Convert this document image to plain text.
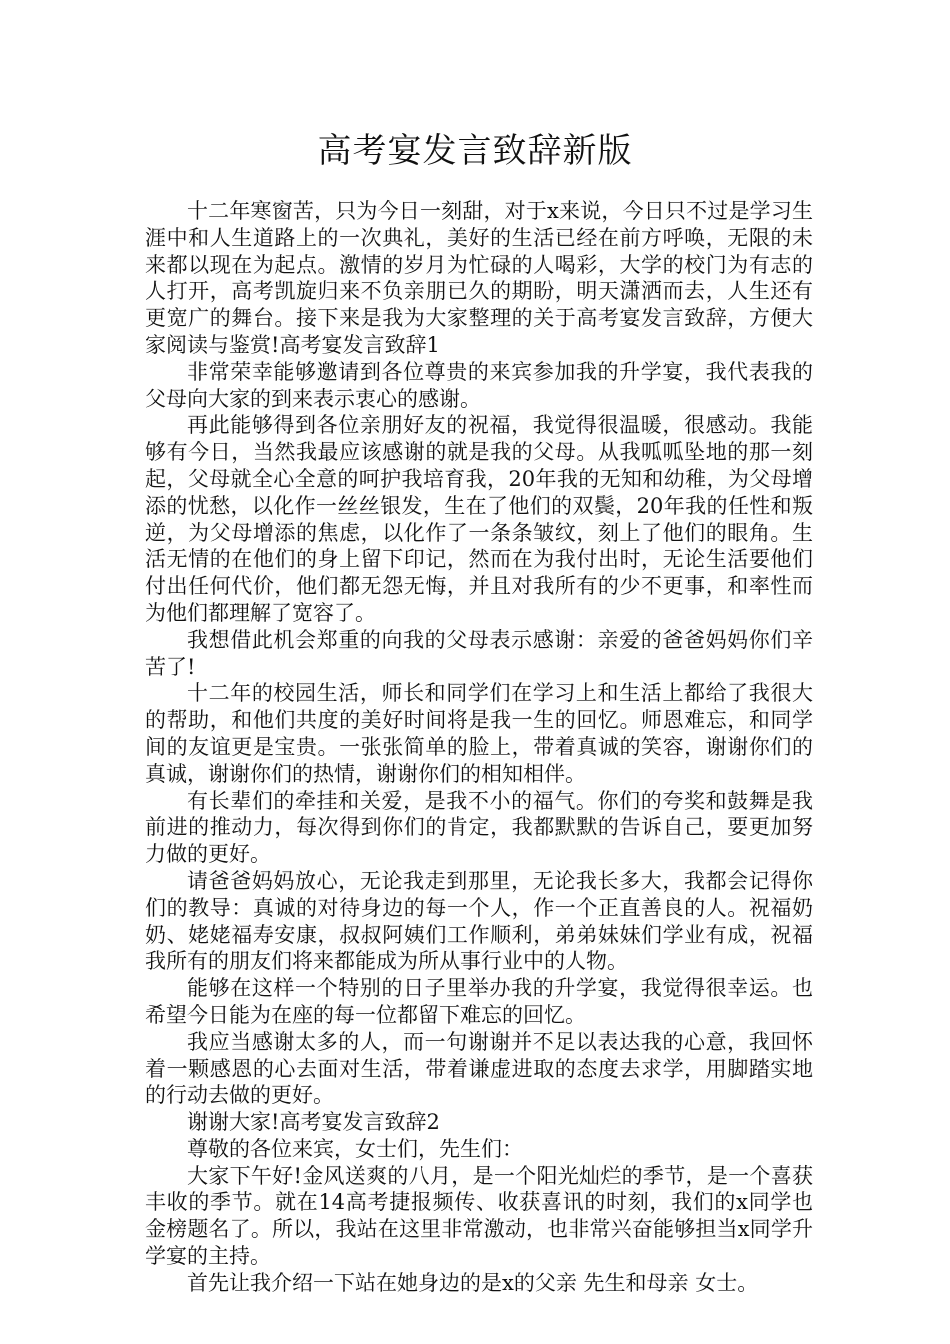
高考宴发言致辞新版

十二年寒窗苦，只为今日一刻甜，对于x来说，今日只不过是学习生涯中和人生道路上的一次典礼，美好的生活已经在前方呼唤，无限的未来都以现在为起点。激情的岁月为忙碌的人喝彩，大学的校门为有志的人打开，高考凯旋归来不负亲朋已久的期盼，明天潇洒而去，人生还有更宽广的舞台。接下来是我为大家整理的关于高考宴发言致辞，方便大家阅读与鉴赏!高考宴发言致辞1

非常荣幸能够邀请到各位尊贵的来宾参加我的升学宴，我代表我的父母向大家的到来表示衷心的感谢。

再此能够得到各位亲朋好友的祝福，我觉得很温暖，很感动。我能够有今日，当然我最应该感谢的就是我的父母。从我呱呱坠地的那一刻起，父母就全心全意的呵护我培育我，20年我的无知和幼稚，为父母增添的忧愁，以化作一丝丝银发，生在了他们的双鬓，20年我的任性和叛逆，为父母增添的焦虑，以化作了一条条皱纹，刻上了他们的眼角。生活无情的在他们的身上留下印记，然而在为我付出时，无论生活要他们付出任何代价，他们都无怨无悔，并且对我所有的少不更事，和率性而为他们都理解了宽容了。

我想借此机会郑重的向我的父母表示感谢：亲爱的爸爸妈妈你们辛苦了!

十二年的校园生活，师长和同学们在学习上和生活上都给了我很大的帮助，和他们共度的美好时间将是我一生的回忆。师恩难忘，和同学间的友谊更是宝贵。一张张简单的脸上，带着真诚的笑容，谢谢你们的真诚，谢谢你们的热情，谢谢你们的相知相伴。

有长辈们的牵挂和关爱，是我不小的福气。你们的夸奖和鼓舞是我前进的推动力，每次得到你们的肯定，我都默默的告诉自己，要更加努力做的更好。

请爸爸妈妈放心，无论我走到那里，无论我长多大，我都会记得你们的教导：真诚的对待身边的每一个人，作一个正直善良的人。祝福奶奶、姥姥福寿安康，叔叔阿姨们工作顺利，弟弟妹妹们学业有成，祝福我所有的朋友们将来都能成为所从事行业中的人物。

能够在这样一个特别的日子里举办我的升学宴，我觉得很幸运。也希望今日能为在座的每一位都留下难忘的回忆。

我应当感谢太多的人，而一句谢谢并不足以表达我的心意，我回怀着一颗感恩的心去面对生活，带着谦虚进取的态度去求学，用脚踏实地的行动去做的更好。

谢谢大家!高考宴发言致辞2

尊敬的各位来宾，女士们，先生们：

大家下午好!金风送爽的八月，是一个阳光灿烂的季节，是一个喜获丰收的季节。就在14高考捷报频传、收获喜讯的时刻，我们的x同学也金榜题名了。所以，我站在这里非常激动，也非常兴奋能够担当x同学升学宴的主持。

首先让我介绍一下站在她身边的是x的父亲 先生和母亲 女士。
